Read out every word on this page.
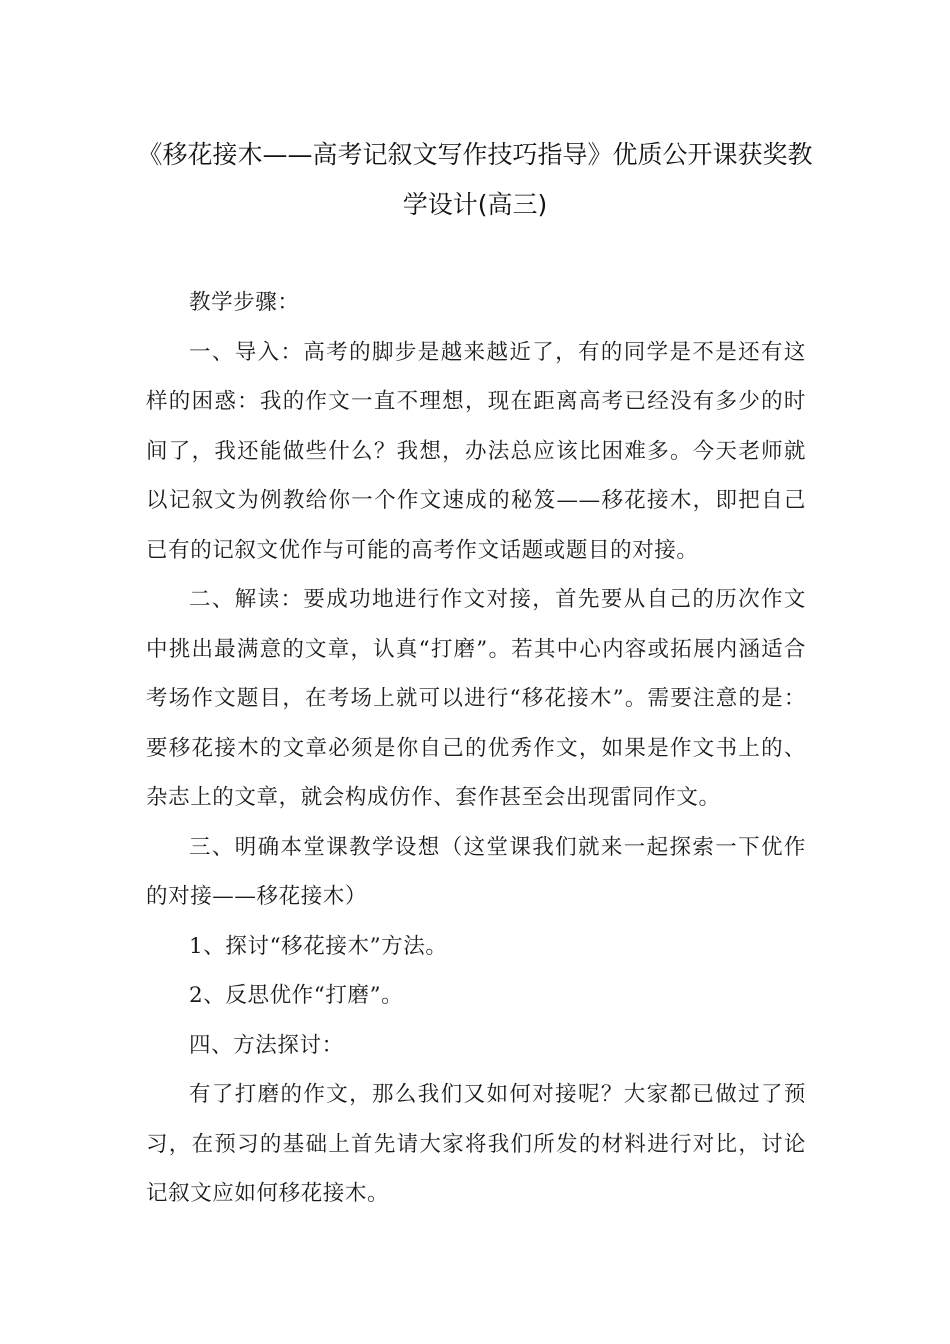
《移花接木——高考记叙文写作技巧指导》优质公开课获奖教学设计(高三)

教学步骤：

一、导入：高考的脚步是越来越近了，有的同学是不是还有这样的困惑：我的作文一直不理想，现在距离高考已经没有多少的时间了，我还能做些什么？我想，办法总应该比困难多。今天老师就以记叙文为例教给你一个作文速成的秘笈——移花接木，即把自己已有的记叙文优作与可能的高考作文话题或题目的对接。

二、解读：要成功地进行作文对接，首先要从自己的历次作文中挑出最满意的文章，认真“打磨”。若其中心内容或拓展内涵适合考场作文题目，在考场上就可以进行“移花接木”。需要注意的是：要移花接木的文章必须是你自己的优秀作文，如果是作文书上的、杂志上的文章，就会构成仿作、套作甚至会出现雷同作文。

三、明确本堂课教学设想（这堂课我们就来一起探索一下优作的对接——移花接木）

1、探讨“移花接木”方法。

2、反思优作“打磨”。

四、方法探讨：

有了打磨的作文，那么我们又如何对接呢？大家都已做过了预习，在预习的基础上首先请大家将我们所发的材料进行对比，讨论记叙文应如何移花接木。
